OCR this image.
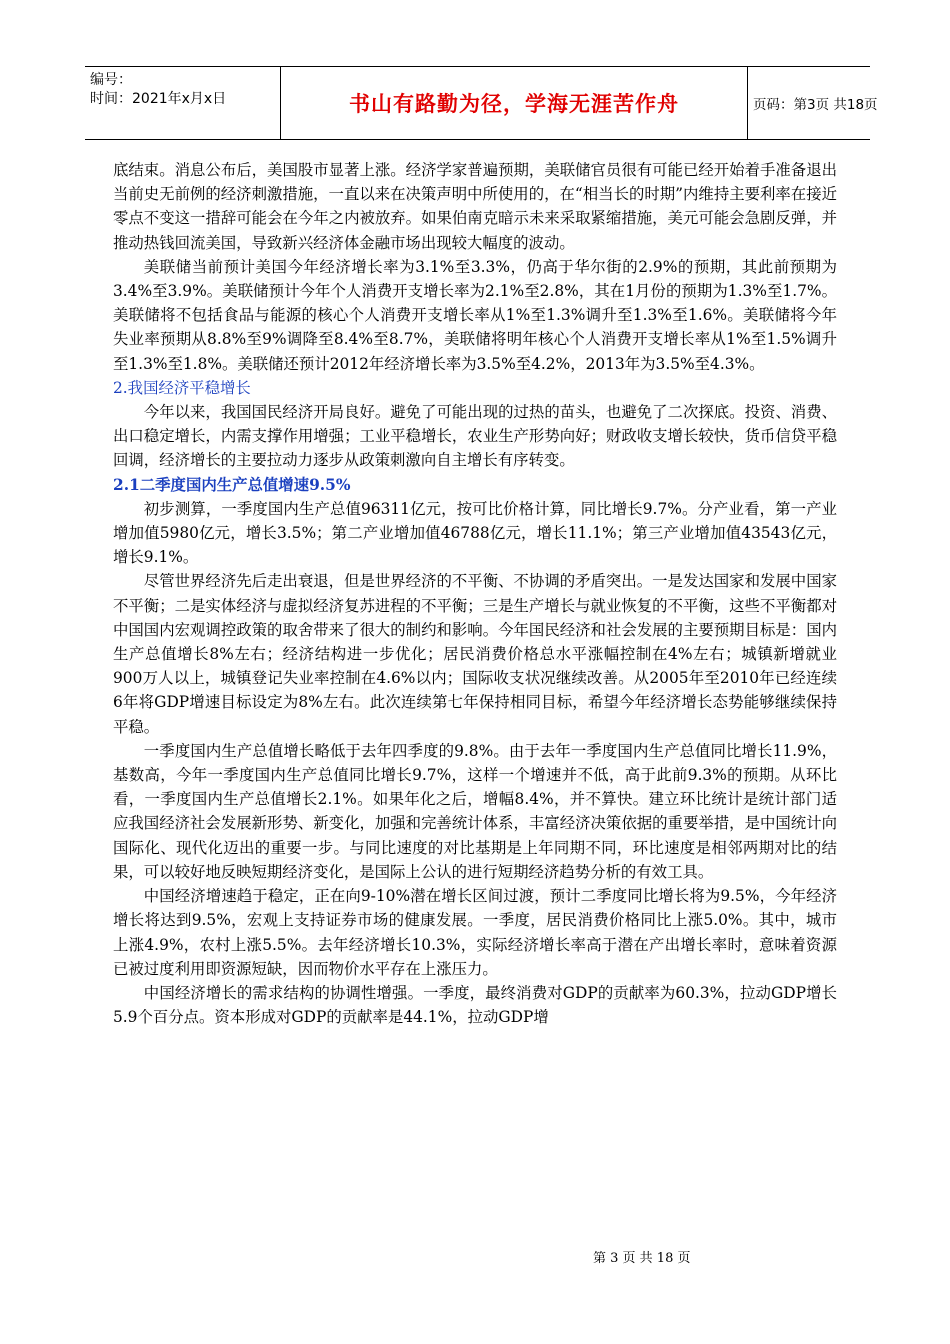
编号：
时间：2021年x月x日	书山有路勤为径，学海无涯苦作舟	页码：第3页 共18页

底结束。消息公布后，美国股市显著上涨。经济学家普遍预期，美联储官员很有可能已经开始着手准备退出当前史无前例的经济刺激措施，一直以来在决策声明中所使用的，在“相当长的时期”内维持主要利率在接近零点不变这一措辞可能会在今年之内被放弃。如果伯南克暗示未来采取紧缩措施，美元可能会急剧反弹，并推动热钱回流美国，导致新兴经济体金融市场出现较大幅度的波动。

美联储当前预计美国今年经济增长率为3.1%至3.3%，仍高于华尔街的2.9%的预期，其此前预期为3.4%至3.9%。美联储预计今年个人消费开支增长率为2.1%至2.8%，其在1月份的预期为1.3%至1.7%。美联储将不包括食品与能源的核心个人消费开支增长率从1%至1.3%调升至1.3%至1.6%。美联储将今年失业率预期从8.8%至9%调降至8.4%至8.7%，美联储将明年核心个人消费开支增长率从1%至1.5%调升至1.3%至1.8%。美联储还预计2012年经济增长率为3.5%至4.2%，2013年为3.5%至4.3%。

2.我国经济平稳增长

今年以来，我国国民经济开局良好。避免了可能出现的过热的苗头，也避免了二次探底。投资、消费、出口稳定增长，内需支撑作用增强；工业平稳增长，农业生产形势向好；财政收支增长较快，货币信贷平稳回调，经济增长的主要拉动力逐步从政策刺激向自主增长有序转变。

2.1二季度国内生产总值增速9.5%

初步测算，一季度国内生产总值96311亿元，按可比价格计算，同比增长9.7%。分产业看，第一产业增加值5980亿元，增长3.5%；第二产业增加值46788亿元，增长11.1%；第三产业增加值43543亿元，增长9.1%。

尽管世界经济先后走出衰退，但是世界经济的不平衡、不协调的矛盾突出。一是发达国家和发展中国家不平衡；二是实体经济与虚拟经济复苏进程的不平衡；三是生产增长与就业恢复的不平衡，这些不平衡都对中国国内宏观调控政策的取舍带来了很大的制约和影响。今年国民经济和社会发展的主要预期目标是：国内生产总值增长8%左右；经济结构进一步优化；居民消费价格总水平涨幅控制在4%左右；城镇新增就业900万人以上，城镇登记失业率控制在4.6%以内；国际收支状况继续改善。从2005年至2010年已经连续6年将GDP增速目标设定为8%左右。此次连续第七年保持相同目标，希望今年经济增长态势能够继续保持平稳。

一季度国内生产总值增长略低于去年四季度的9.8%。由于去年一季度国内生产总值同比增长11.9%，基数高，今年一季度国内生产总值同比增长9.7%，这样一个增速并不低，高于此前9.3%的预期。从环比看，一季度国内生产总值增长2.1%。如果年化之后，增幅8.4%，并不算快。建立环比统计是统计部门适应我国经济社会发展新形势、新变化，加强和完善统计体系，丰富经济决策依据的重要举措，是中国统计向国际化、现代化迈出的重要一步。与同比速度的对比基期是上年同期不同，环比速度是相邻两期对比的结果，可以较好地反映短期经济变化，是国际上公认的进行短期经济趋势分析的有效工具。

中国经济增速趋于稳定，正在向9-10%潜在增长区间过渡，预计二季度同比增长将为9.5%，今年经济增长将达到9.5%，宏观上支持证券市场的健康发展。一季度，居民消费价格同比上涨5.0%。其中，城市上涨4.9%，农村上涨5.5%。去年经济增长10.3%，实际经济增长率高于潜在产出增长率时，意味着资源已被过度利用即资源短缺，因而物价水平存在上涨压力。

中国经济增长的需求结构的协调性增强。一季度，最终消费对GDP的贡献率为60.3%，拉动GDP增长5.9个百分点。资本形成对GDP的贡献率是44.1%，拉动GDP增

第 3 页 共 18 页
